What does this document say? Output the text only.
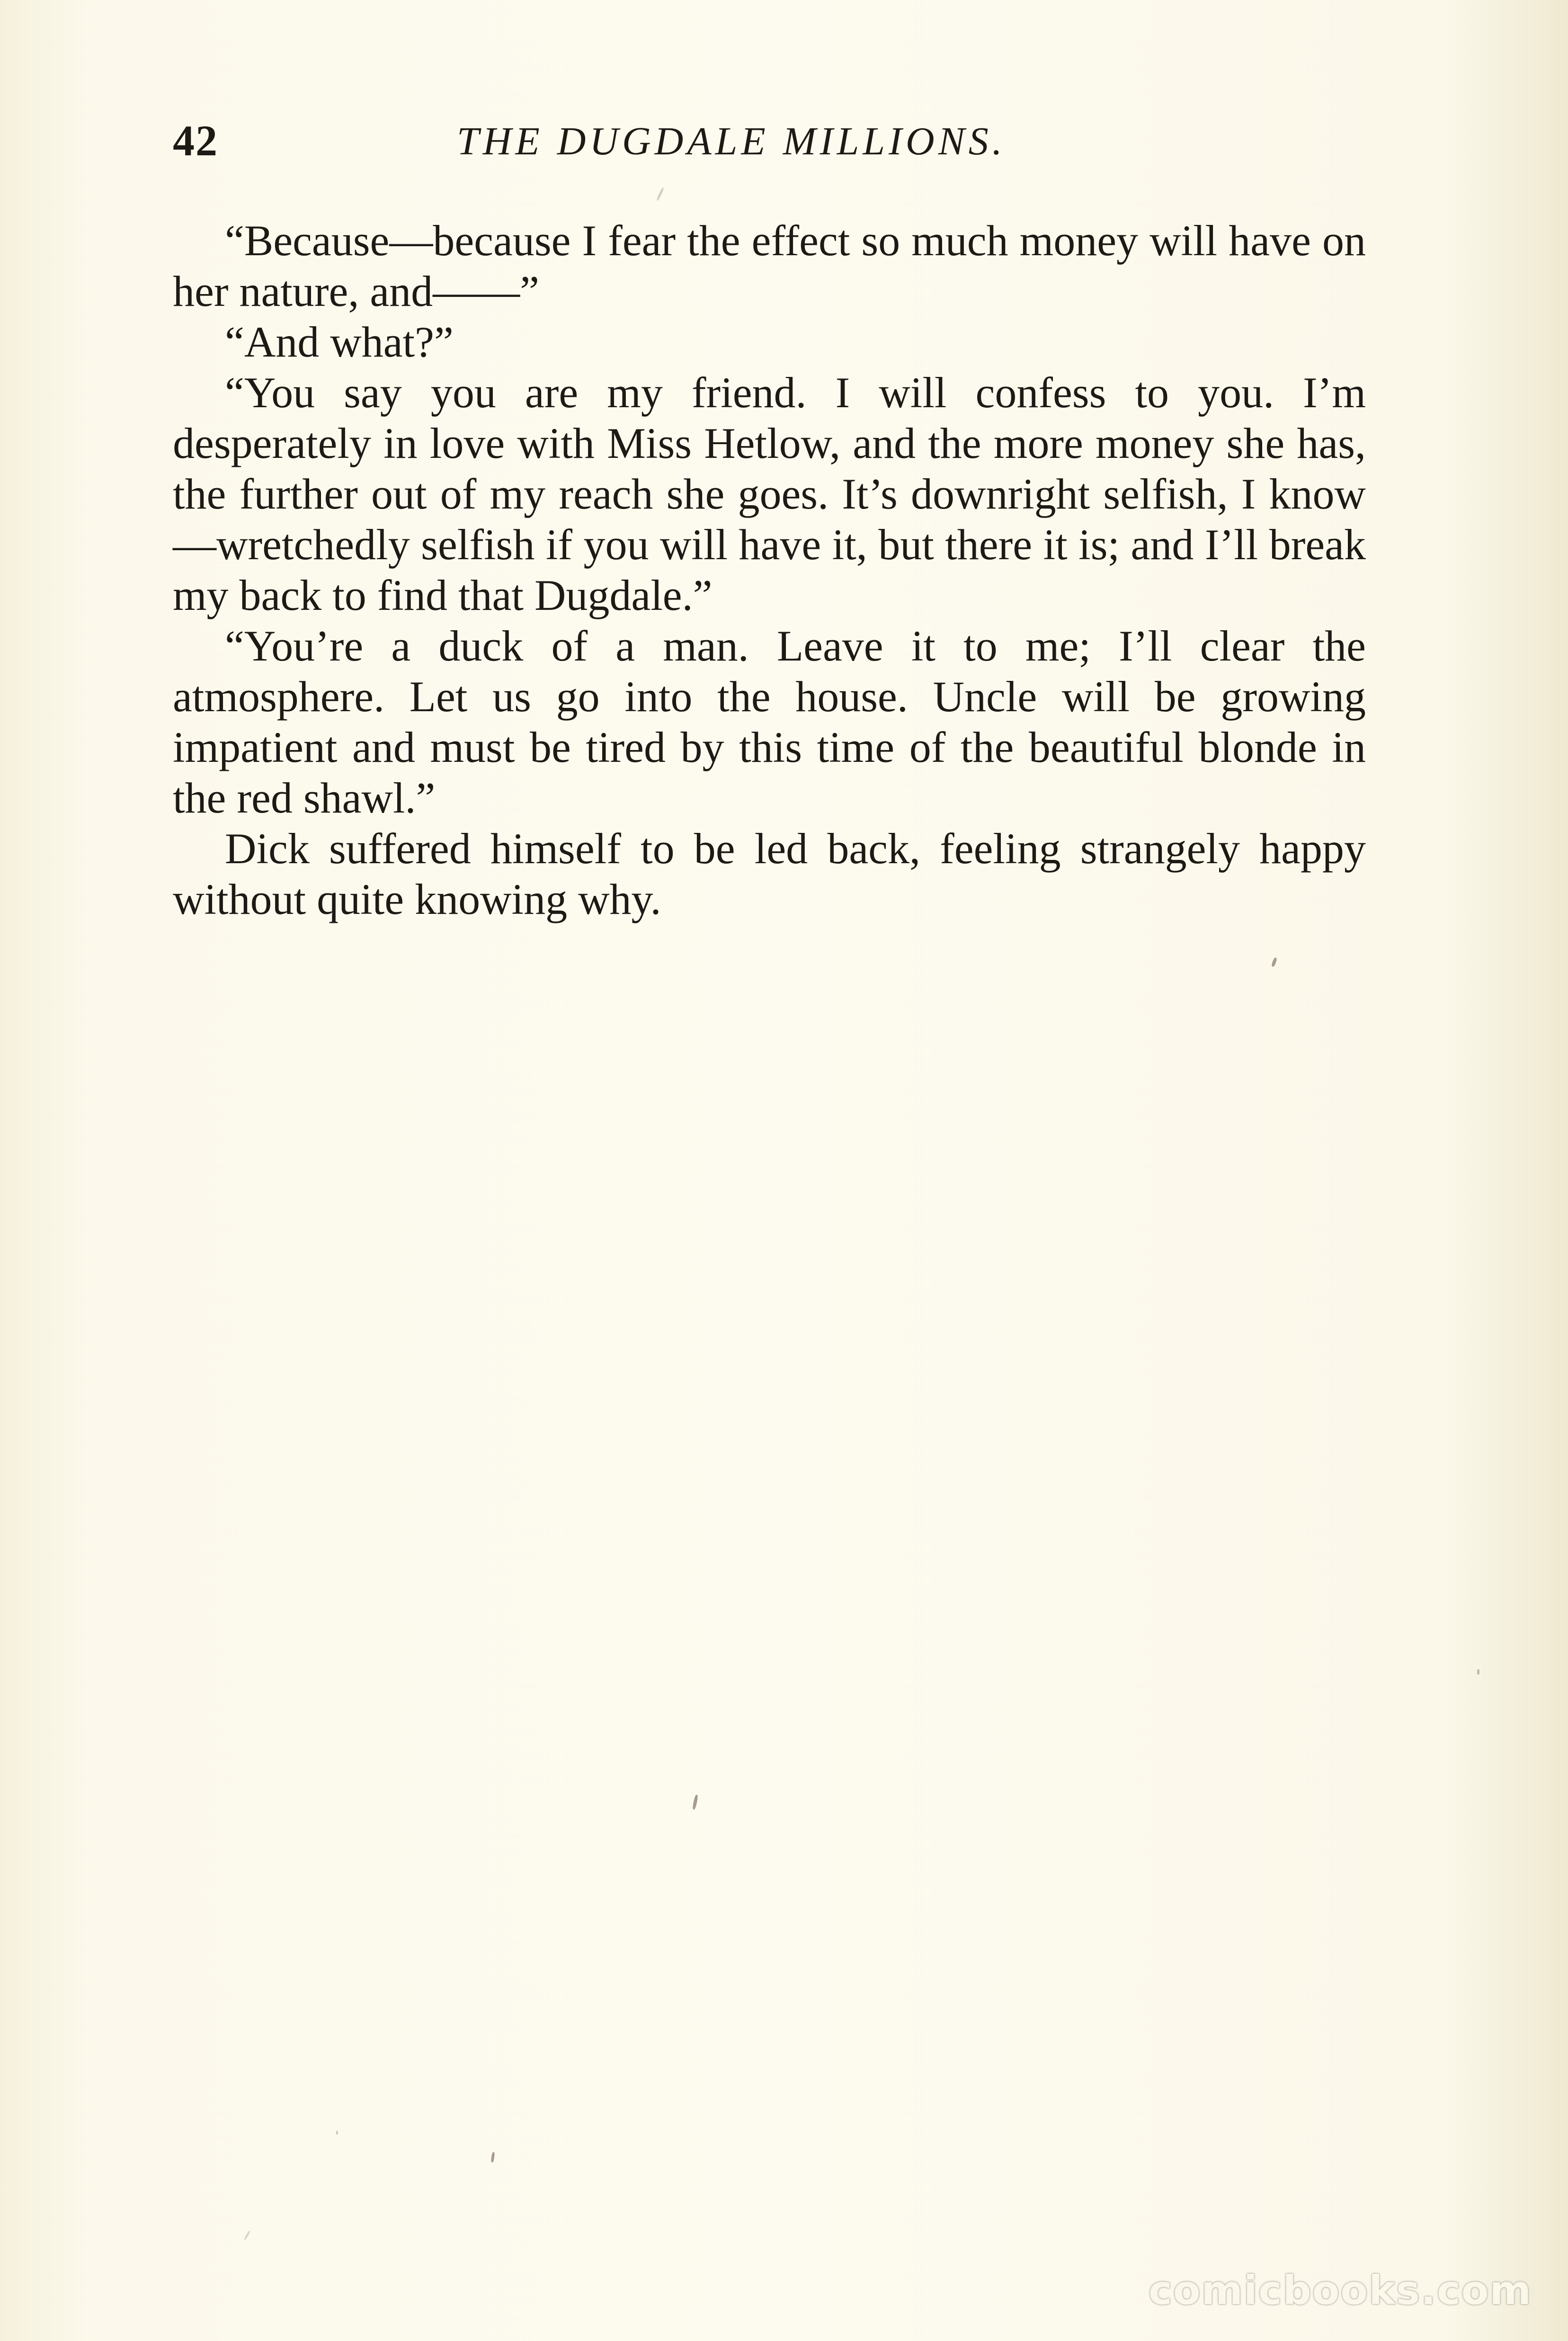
42	THE DUGDALE MILLIONS.

“Because—because I fear the effect so much money will have on her nature, and——”

“And what?”

“You say you are my friend. I will confess to you. I’m desperately in love with Miss Hetlow, and the more money she has, the further out of my reach she goes. It’s downright selfish, I know—wretchedly selfish if you will have it, but there it is; and I’ll break my back to find that Dugdale.”

“You’re a duck of a man. Leave it to me; I’ll clear the atmosphere. Let us go into the house. Uncle will be growing impatient and must be tired by this time of the beautiful blonde in the red shawl.”

Dick suffered himself to be led back, feeling strangely happy without quite knowing why.

comicbooks.com
